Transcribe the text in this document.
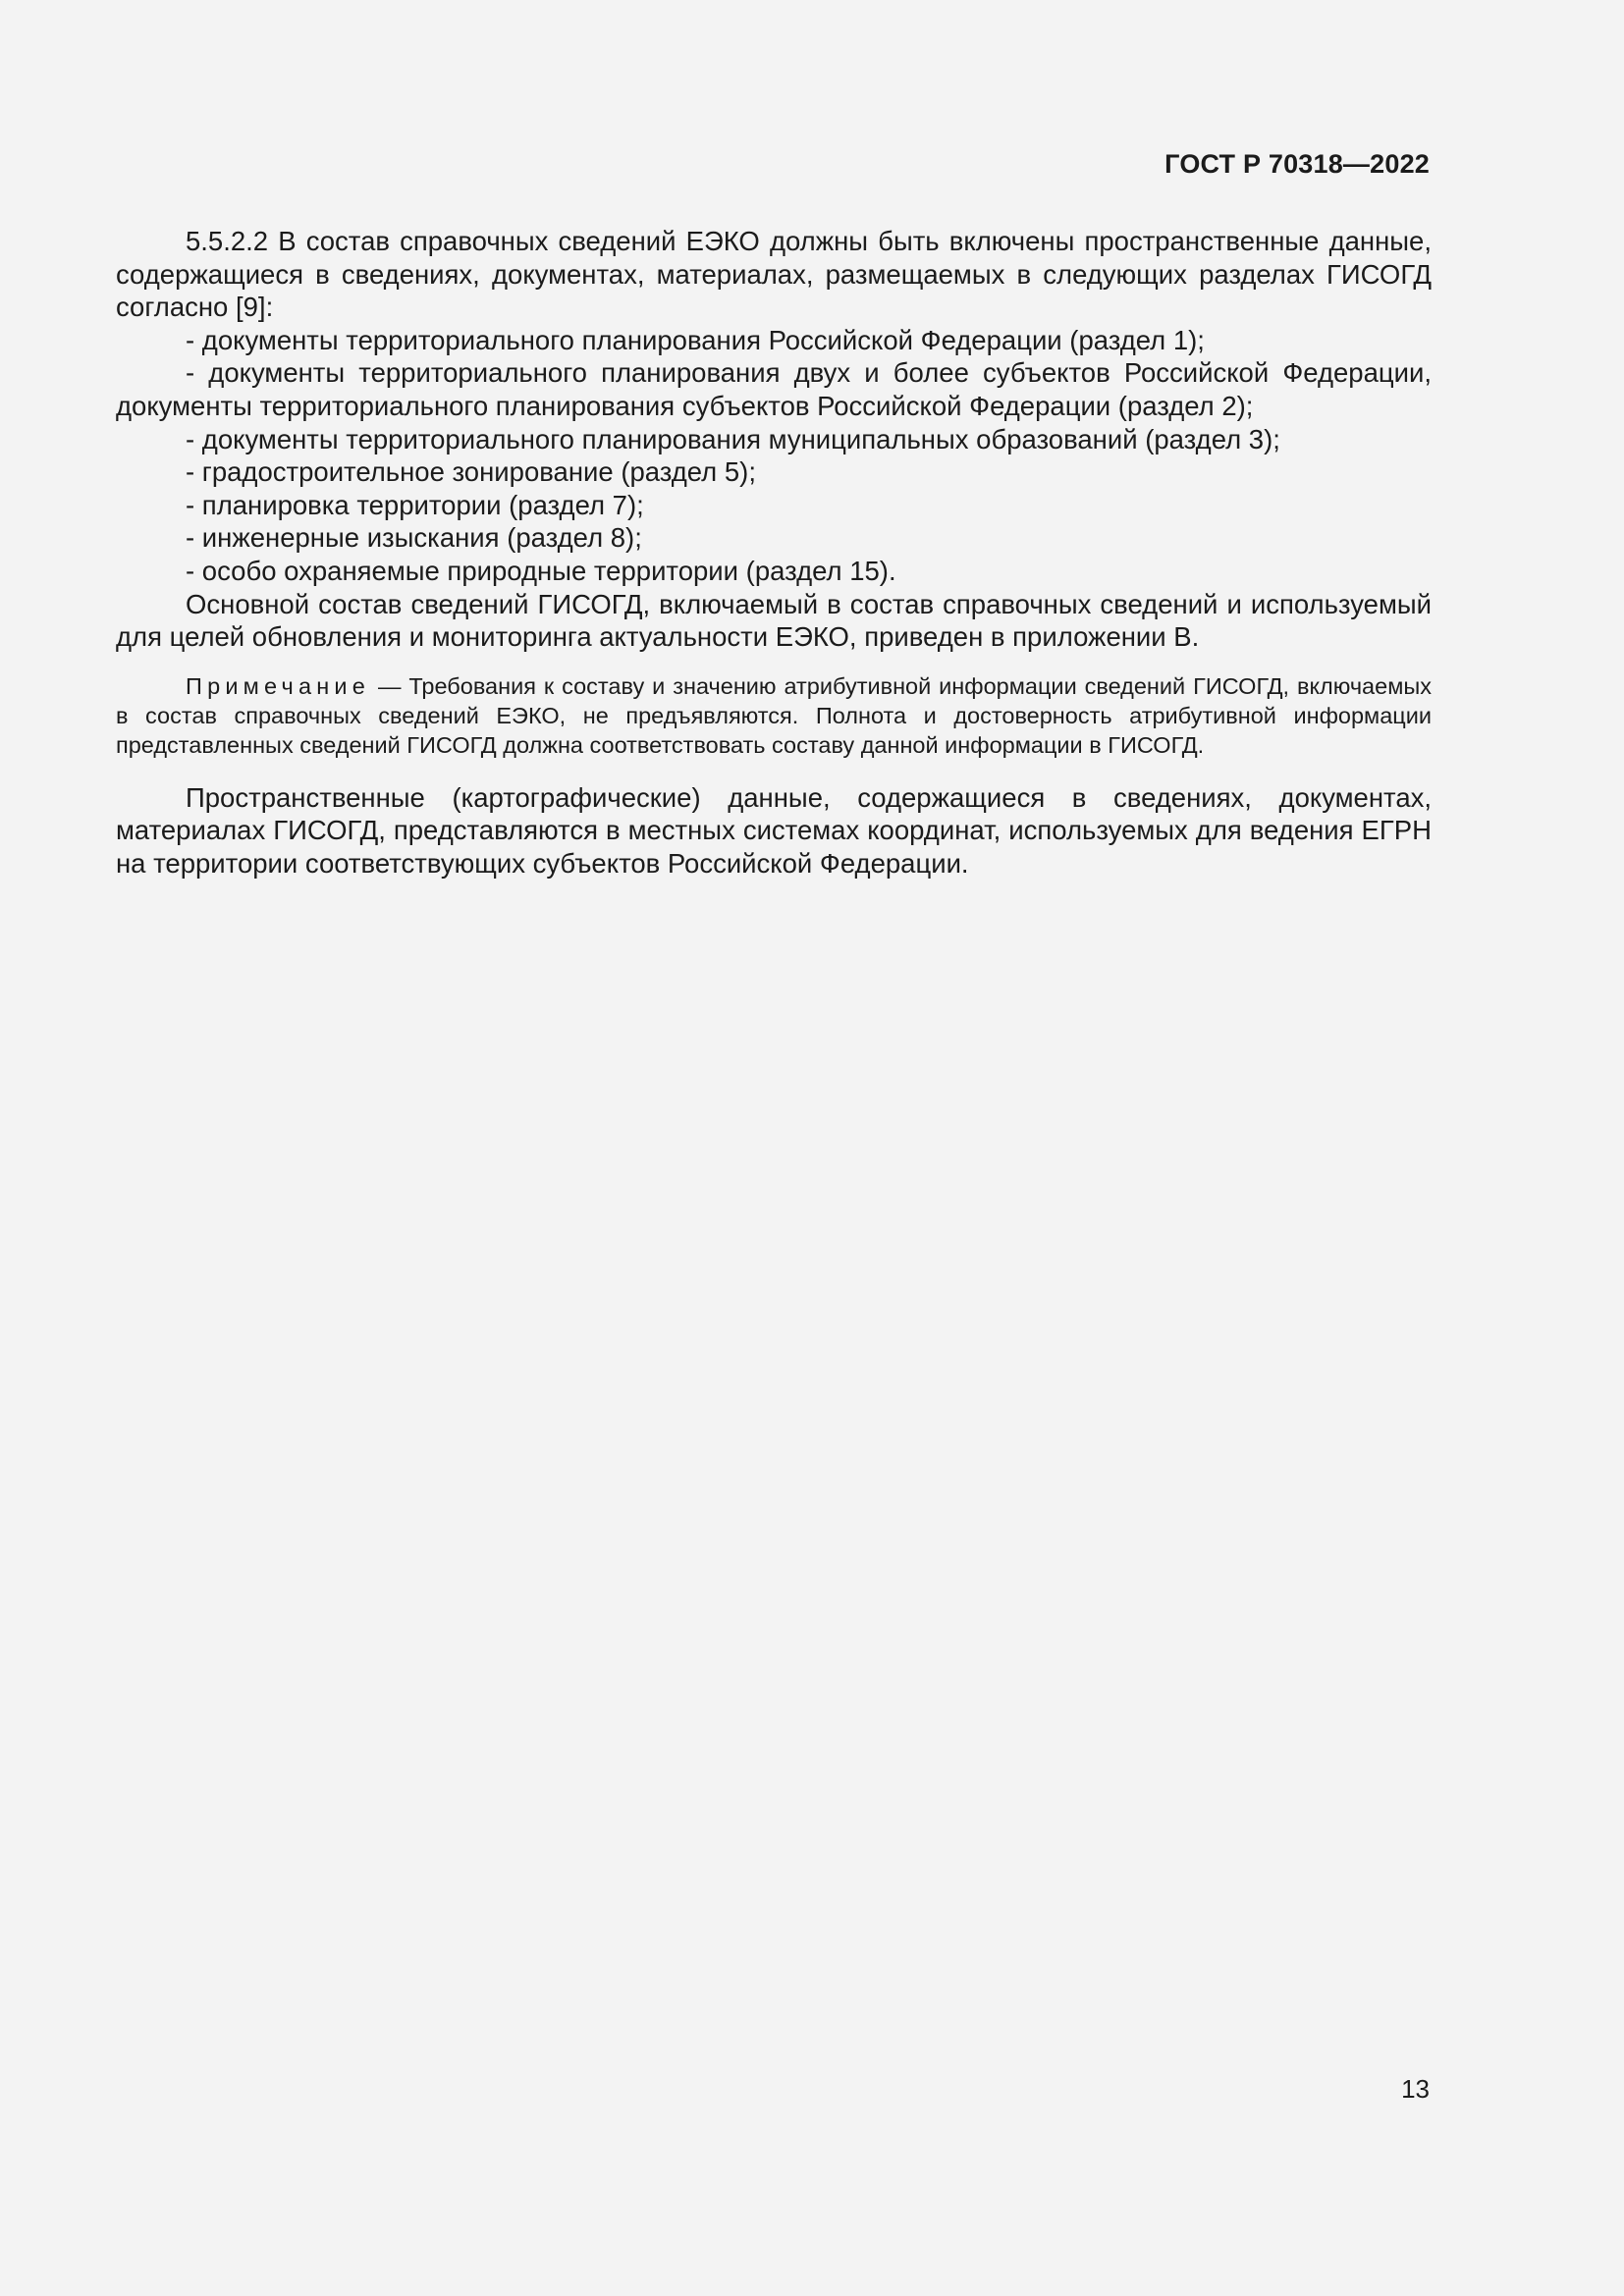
ГОСТ Р 70318—2022

5.5.2.2 В состав справочных сведений ЕЭКО должны быть включены пространственные данные, содержащиеся в сведениях, документах, материалах, размещаемых в следующих разделах ГИСОГД согласно [9]:

- документы территориального планирования Российской Федерации (раздел 1);

- документы территориального планирования двух и более субъектов Российской Федерации, документы территориального планирования субъектов Российской Федерации (раздел 2);

- документы территориального планирования муниципальных образований (раздел 3);

- градостроительное зонирование (раздел 5);

- планировка территории (раздел 7);

- инженерные изыскания (раздел 8);

- особо охраняемые природные территории (раздел 15).

Основной состав сведений ГИСОГД, включаемый в состав справочных сведений и используемый для целей обновления и мониторинга актуальности ЕЭКО, приведен в приложении В.

Примечание — Требования к составу и значению атрибутивной информации сведений ГИСОГД, включаемых в состав справочных сведений ЕЭКО, не предъявляются. Полнота и достоверность атрибутивной информации представленных сведений ГИСОГД должна соответствовать составу данной информации в ГИСОГД.

Пространственные (картографические) данные, содержащиеся в сведениях, документах, материалах ГИСОГД, представляются в местных системах координат, используемых для ведения ЕГРН на территории соответствующих субъектов Российской Федерации.

13
